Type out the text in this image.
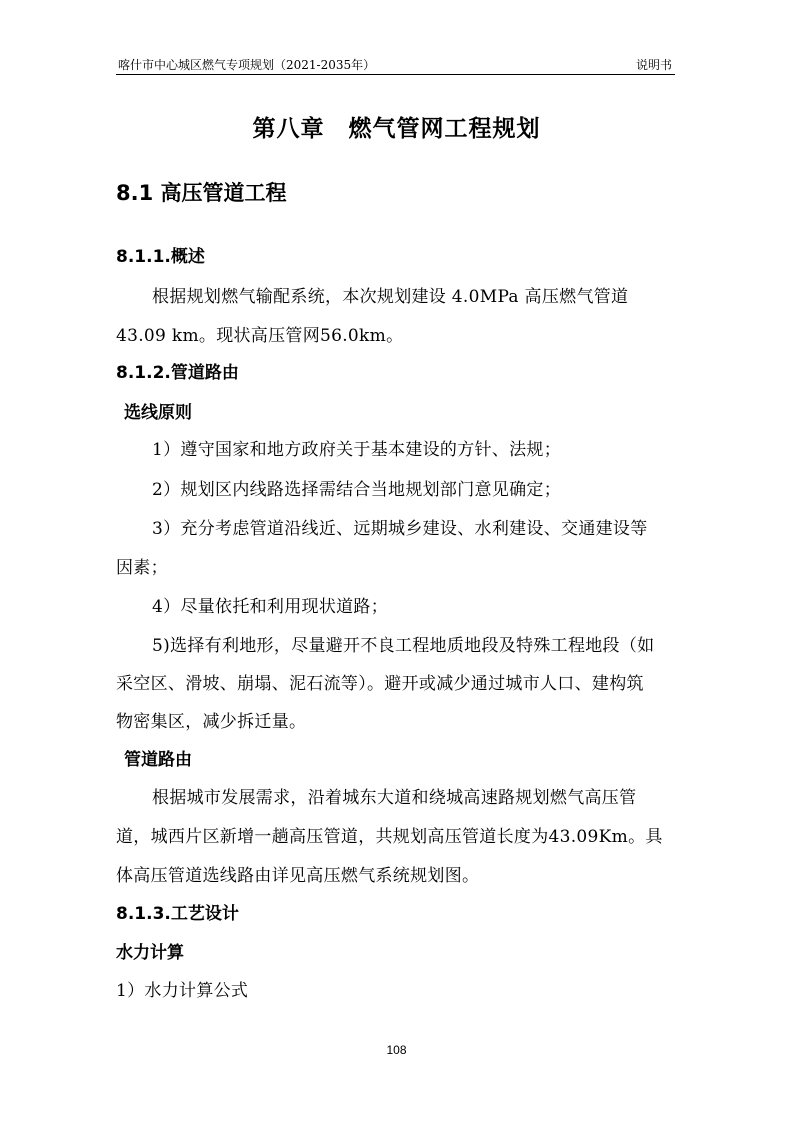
喀什市中心城区燃气专项规划（2021-2035年）	说明书
第八章 燃气管网工程规划
8.1 高压管道工程
8.1.1.概述
根据规划燃气输配系统，本次规划建设 4.0MPa 高压燃气管道
43.09 km。现状高压管网56.0km。
8.1.2.管道路由
选线原则
1）遵守国家和地方政府关于基本建设的方针、法规；
2）规划区内线路选择需结合当地规划部门意见确定；
3）充分考虑管道沿线近、远期城乡建设、水利建设、交通建设等
因素；
4）尽量依托和利用现状道路；
5)选择有利地形，尽量避开不良工程地质地段及特殊工程地段（如
采空区、滑坡、崩塌、泥石流等）。避开或减少通过城市人口、建构筑
物密集区，减少拆迁量。
管道路由
根据城市发展需求，沿着城东大道和绕城高速路规划燃气高压管
道，城西片区新增一趟高压管道，共规划高压管道长度为43.09Km。具
体高压管道选线路由详见高压燃气系统规划图。
8.1.3.工艺设计
水力计算
1）水力计算公式
108
